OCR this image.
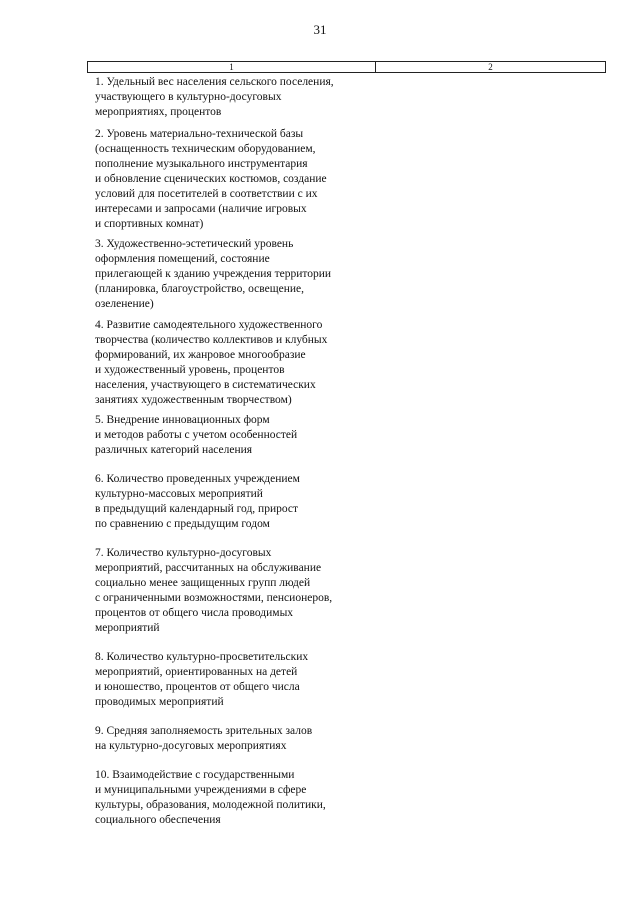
31
1	2
1. Удельный вес населения сельского поселения,
участвующего в культурно-досуговых
мероприятиях, процентов
2. Уровень материально-технической базы
(оснащенность техническим оборудованием,
пополнение музыкального инструментария
и обновление сценических костюмов, создание
условий для посетителей в соответствии с их
интересами и запросами (наличие игровых
и спортивных комнат)
3. Художественно-эстетический уровень
оформления помещений, состояние
прилегающей к зданию учреждения территории
(планировка, благоустройство, освещение,
озеленение)
4. Развитие самодеятельного художественного
творчества (количество коллективов и клубных
формирований, их жанровое многообразие
и художественный уровень, процентов
населения, участвующего в систематических
занятиях художественным творчеством)
5. Внедрение инновационных форм
и методов работы с учетом особенностей
различных категорий населения
6. Количество проведенных учреждением
культурно-массовых мероприятий
в предыдущий календарный год, прирост
по сравнению с предыдущим годом
7. Количество культурно-досуговых
мероприятий, рассчитанных на обслуживание
социально менее защищенных групп людей
с ограниченными возможностями, пенсионеров,
процентов от общего числа проводимых
мероприятий
8. Количество культурно-просветительских
мероприятий, ориентированных на детей
и юношество, процентов от общего числа
проводимых мероприятий
9. Средняя заполняемость зрительных залов
на культурно-досуговых мероприятиях
10. Взаимодействие с государственными
и муниципальными учреждениями в сфере
культуры, образования, молодежной политики,
социального обеспечения
